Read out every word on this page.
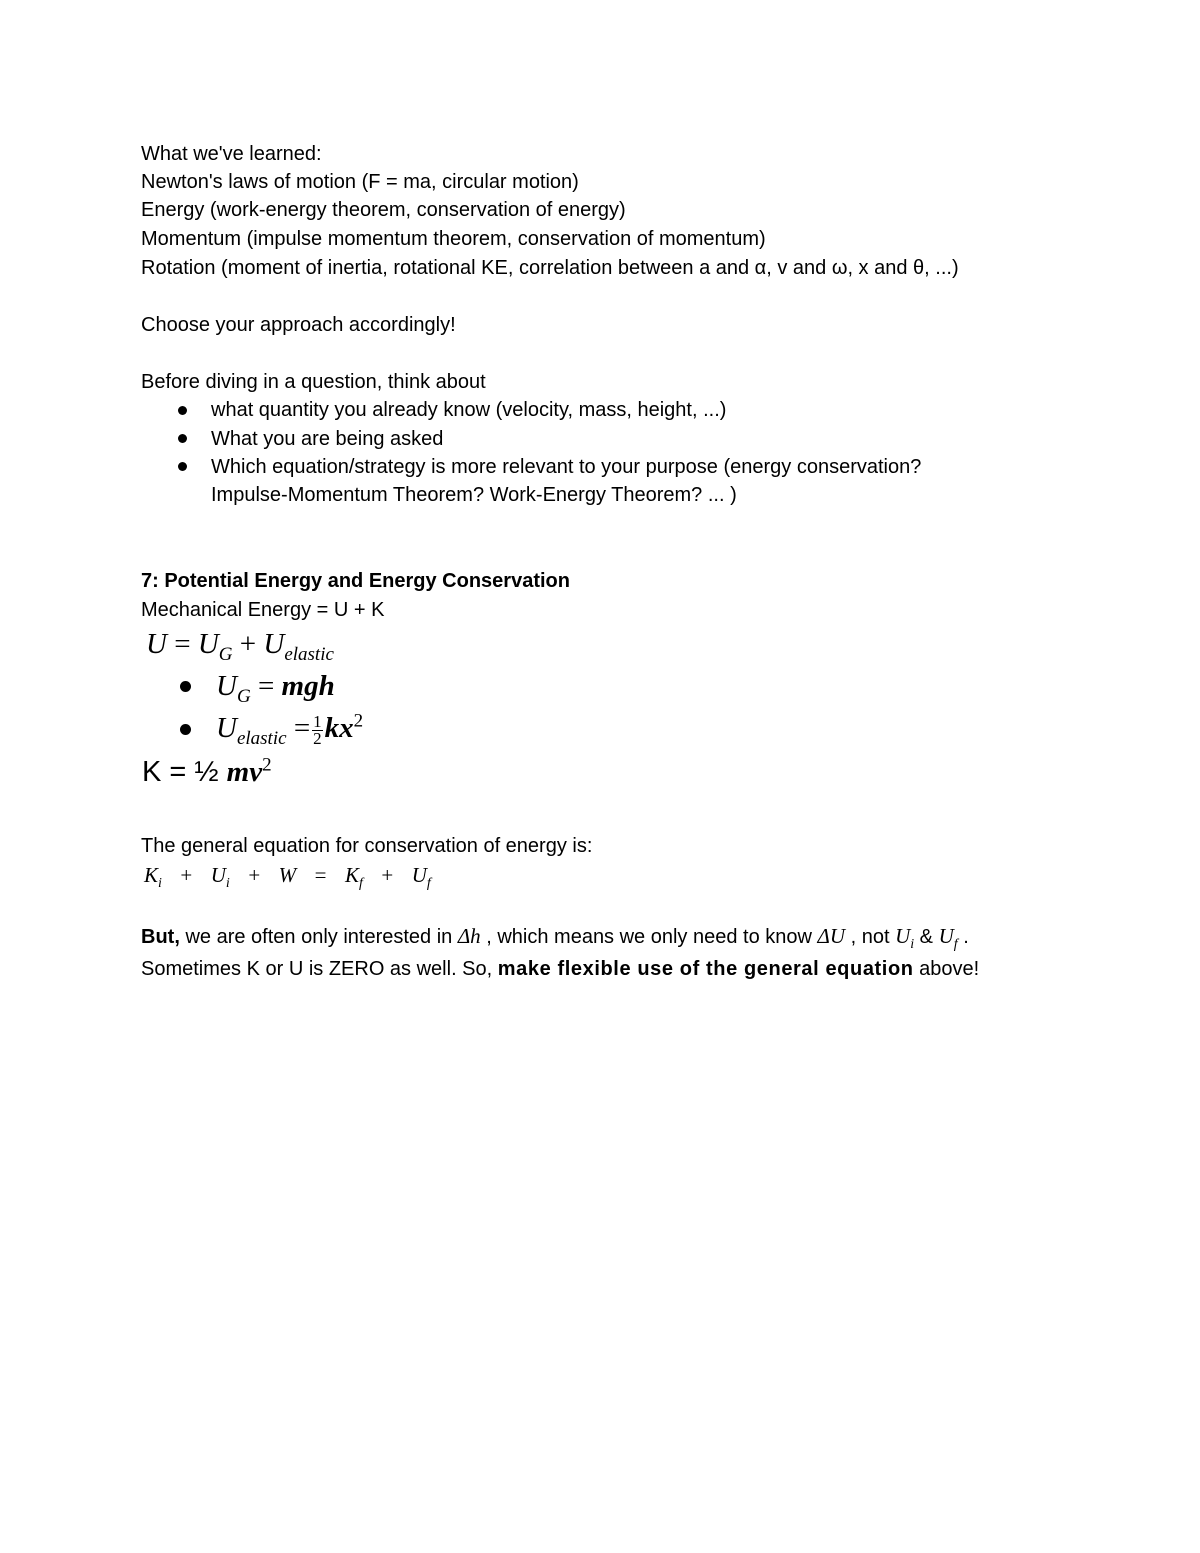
What we've learned:
Newton's laws of motion (F = ma, circular motion)
Energy (work-energy theorem, conservation of energy)
Momentum (impulse momentum theorem, conservation of momentum)
Rotation (moment of inertia, rotational KE, correlation between a and α, v and ω, x and θ, ...)
Choose your approach accordingly!
Before diving in a question, think about
what quantity you already know (velocity, mass, height, ...)
What you are being asked
Which equation/strategy is more relevant to your purpose (energy conservation?
Impulse-Momentum Theorem? Work-Energy Theorem? ... )
7: Potential Energy and Energy Conservation
Mechanical Energy = U + K
$U = U_G + U_{elastic}$
$U_G$ = mgh
$U_{elastic} = \frac{1}{2} kx^2$
K = ½ $mv^2$
The general equation for conservation of energy is:
$K_i + U_i + W = K_f + U_f$
But, we are often only interested in Δh , which means we only need to know ΔU , not $U_i$ & $U_f$ .
Sometimes K or U is ZERO as well. So, make flexible use of the general equation above!
